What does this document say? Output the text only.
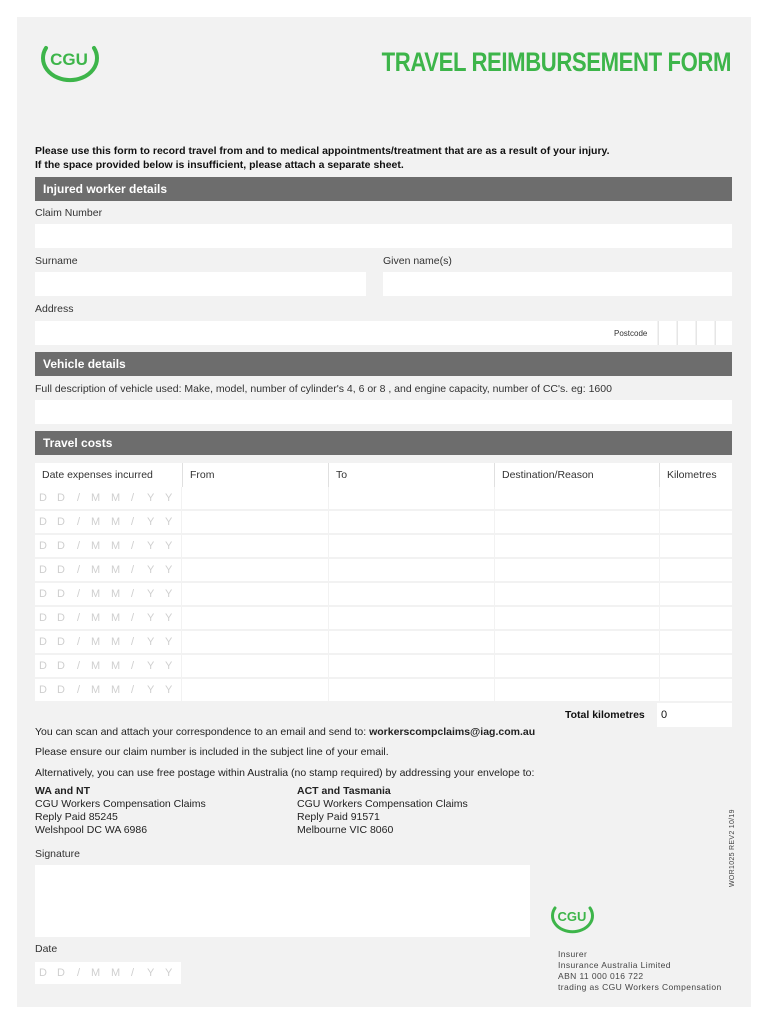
CGU	TRAVEL REIMBURSEMENT FORM
Please use this form to record travel from and to medical appointments/treatment that are as a result of your injury.
If the space provided below is insufficient, please attach a separate sheet.
Injured worker details
Claim Number
Surname	Given name(s)
Address
Postcode
Vehicle details
Full description of vehicle used: Make, model, number of cylinder's 4, 6 or 8 , and engine capacity, number of CC's. eg: 1600
Travel costs
Date expenses incurred	From	To	Destination/Reason	Kilometres
D D / M M / Y Y
D D / M M / Y Y
D D / M M / Y Y
D D / M M / Y Y
D D / M M / Y Y
D D / M M / Y Y
D D / M M / Y Y
D D / M M / Y Y
D D / M M / Y Y
Total kilometres	0
You can scan and attach your correspondence to an email and send to: workerscompclaims@iag.com.au
Please ensure our claim number is included in the subject line of your email.
Alternatively, you can use free postage within Australia (no stamp required) by addressing your envelope to:
WA and NT
CGU Workers Compensation Claims
Reply Paid 85245
Welshpool DC WA 6986
ACT and Tasmania
CGU Workers Compensation Claims
Reply Paid 91571
Melbourne VIC 8060	WOR1025 REV2 10/19
Signature
CGU
Date
D D / M M / Y Y
Insurer
Insurance Australia Limited
ABN 11 000 016 722
trading as CGU Workers Compensation
